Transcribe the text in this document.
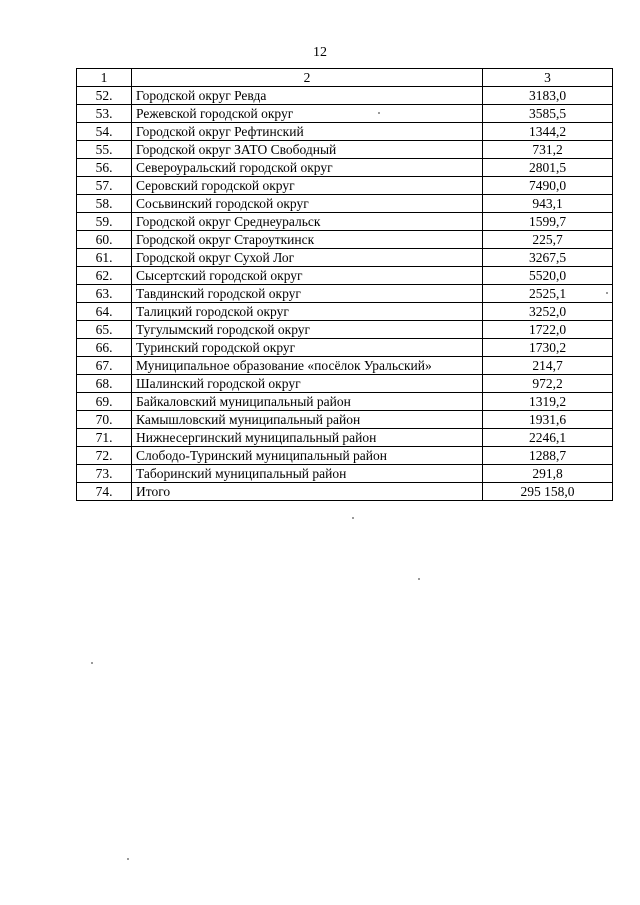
12
1	2	3
52.	Городской округ Ревда	3183,0
53.	Режевской городской округ	3585,5
54.	Городской округ Рефтинский	1344,2
55.	Городской округ ЗАТО Свободный	731,2
56.	Североуральский городской округ	2801,5
57.	Серовский городской округ	7490,0
58.	Сосьвинский городской округ	943,1
59.	Городской округ Среднеуральск	1599,7
60.	Городской округ Староуткинск	225,7
61.	Городской округ Сухой Лог	3267,5
62.	Сысертский городской округ	5520,0
63.	Тавдинский городской округ	2525,1
64.	Талицкий городской округ	3252,0
65.	Тугулымский городской округ	1722,0
66.	Туринский городской округ	1730,2
67.	Муниципальное образование «посёлок Уральский»	214,7
68.	Шалинский городской округ	972,2
69.	Байкаловский муниципальный район	1319,2
70.	Камышловский муниципальный район	1931,6
71.	Нижнесергинский муниципальный район	2246,1
72.	Слободо-Туринский муниципальный район	1288,7
73.	Таборинский муниципальный район	291,8
74.	Итого	295 158,0
